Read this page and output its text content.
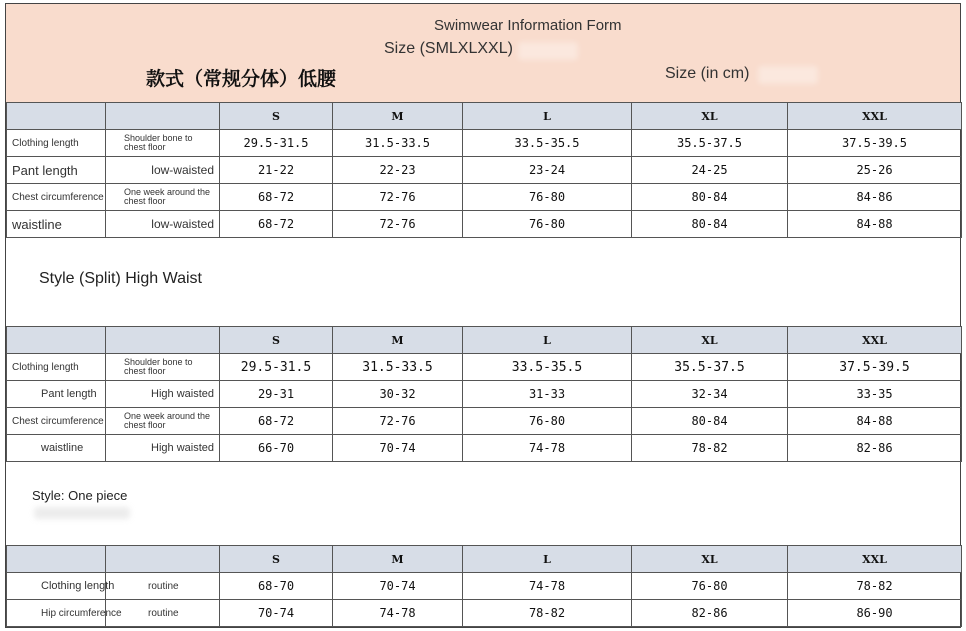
Swimwear Information Form
Size (SMLXLXXL)
款式（常规分体）低腰	Size (in cm)
		S	M	L	XL	XXL
Clothing length	Shoulder bone to chest floor	29.5-31.5	31.5-33.5	33.5-35.5	35.5-37.5	37.5-39.5
Pant length	low-waisted	21-22	22-23	23-24	24-25	25-26
Chest circumference	One week around the chest floor	68-72	72-76	76-80	80-84	84-86
waistline	low-waisted	68-72	72-76	76-80	80-84	84-88
Style (Split) High Waist
		S	M	L	XL	XXL
Clothing length	Shoulder bone to chest floor	29.5-31.5	31.5-33.5	33.5-35.5	35.5-37.5	37.5-39.5
Pant length	High waisted	29-31	30-32	31-33	32-34	33-35
Chest circumference	One week around the chest floor	68-72	72-76	76-80	80-84	84-88
waistline	High waisted	66-70	70-74	74-78	78-82	82-86
Style: One piece
		S	M	L	XL	XXL
Clothing length	routine	68-70	70-74	74-78	76-80	78-82
Hip circumference	routine	70-74	74-78	78-82	82-86	86-90
